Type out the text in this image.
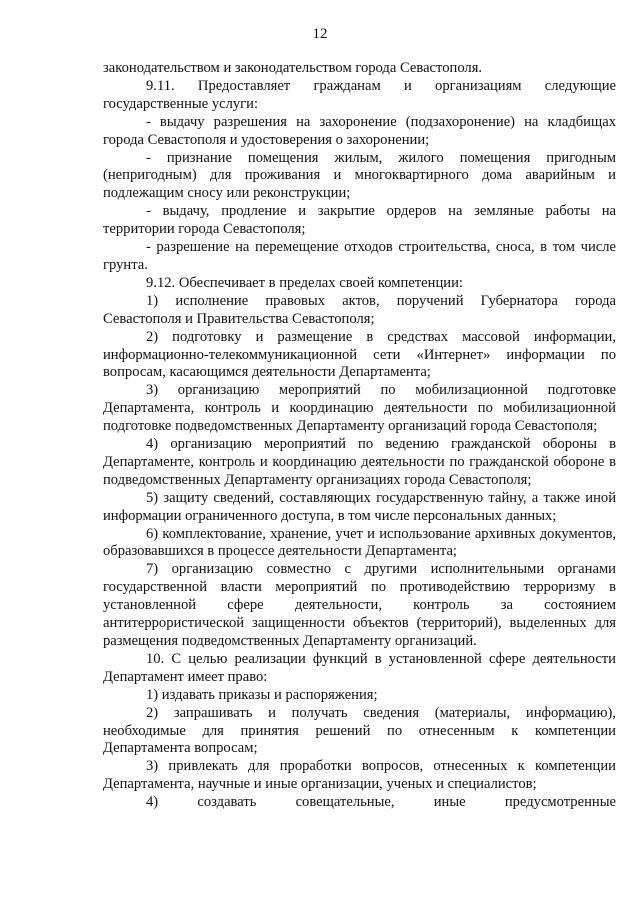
12

законодательством и законодательством города Севастополя.

9.11. Предоставляет гражданам и организациям следующие государственные услуги:

- выдачу разрешения на захоронение (подзахоронение) на кладбищах города Севастополя и удостоверения о захоронении;

- признание помещения жилым, жилого помещения пригодным (непригодным) для проживания и многоквартирного дома аварийным и подлежащим сносу или реконструкции;

- выдачу, продление и закрытие ордеров на земляные работы на территории города Севастополя;

- разрешение на перемещение отходов строительства, сноса, в том числе грунта.

9.12. Обеспечивает в пределах своей компетенции:

1) исполнение правовых актов, поручений Губернатора города Севастополя и Правительства Севастополя;

2) подготовку и размещение в средствах массовой информации, информационно-телекоммуникационной сети «Интернет» информации по вопросам, касающимся деятельности Департамента;

3) организацию мероприятий по мобилизационной подготовке Департамента, контроль и координацию деятельности по мобилизационной подготовке подведомственных Департаменту организаций города Севастополя;

4) организацию мероприятий по ведению гражданской обороны в Департаменте, контроль и координацию деятельности по гражданской обороне в подведомственных Департаменту организациях города Севастополя;

5) защиту сведений, составляющих государственную тайну, а также иной информации ограниченного доступа, в том числе персональных данных;

6) комплектование, хранение, учет и использование архивных документов, образовавшихся в процессе деятельности Департамента;

7) организацию совместно с другими исполнительными органами государственной власти мероприятий по противодействию терроризму в установленной сфере деятельности, контроль за состоянием антитеррористической защищенности объектов (территорий), выделенных для размещения подведомственных Департаменту организаций.

10. С целью реализации функций в установленной сфере деятельности Департамент имеет право:

1) издавать приказы и распоряжения;

2) запрашивать и получать сведения (материалы, информацию), необходимые для принятия решений по отнесенным к компетенции Департамента вопросам;

3) привлекать для проработки вопросов, отнесенных к компетенции Департамента, научные и иные организации, ученых и специалистов;

4) создавать совещательные, иные предусмотренные
